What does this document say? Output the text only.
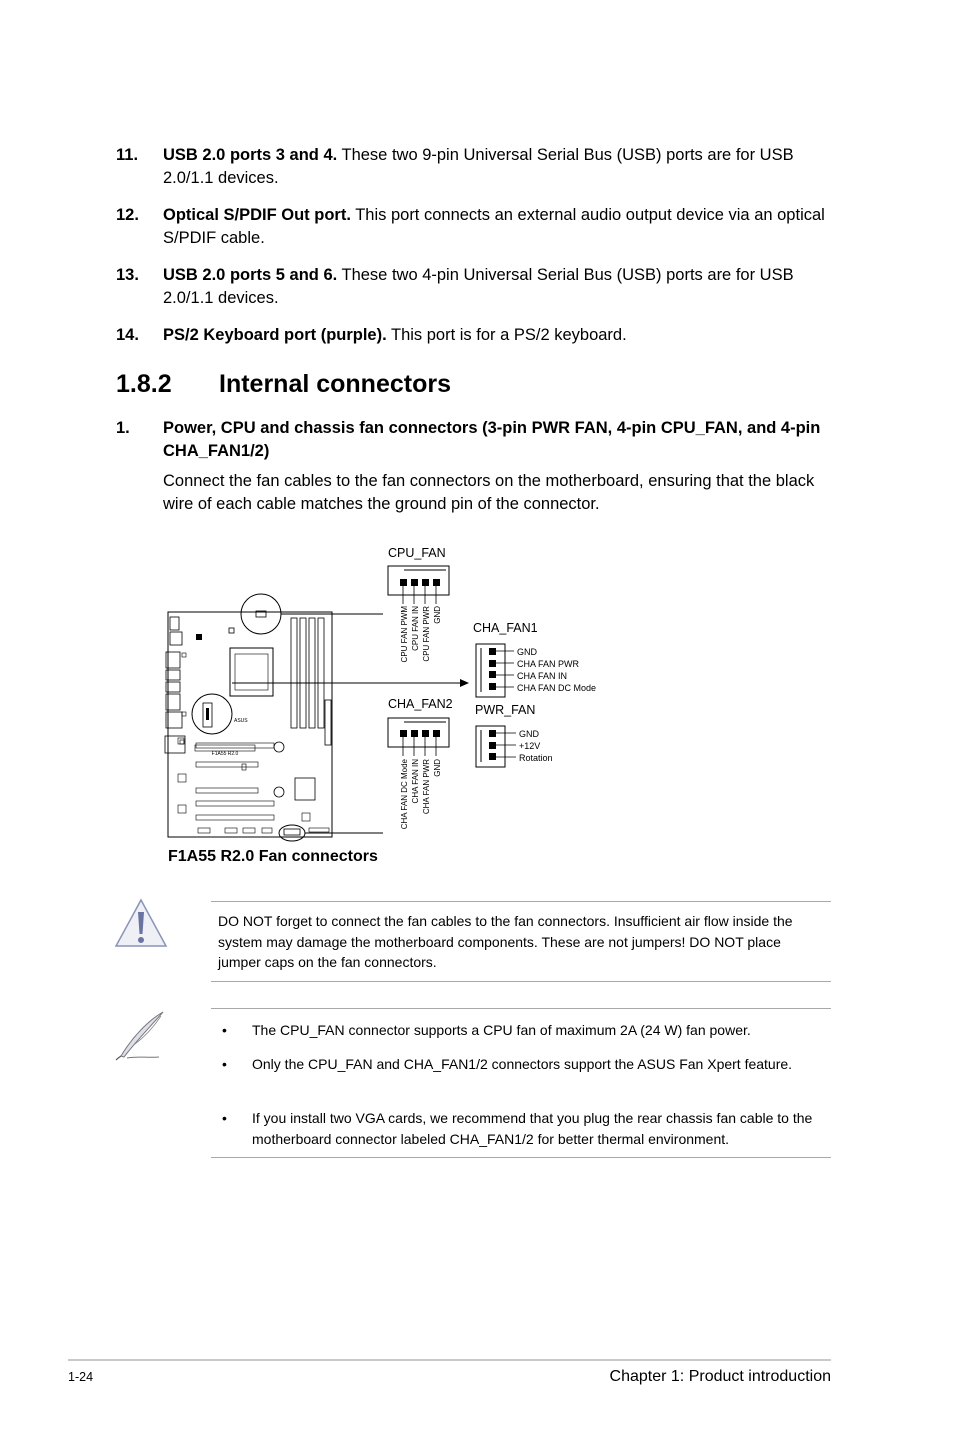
11. USB 2.0 ports 3 and 4. These two 9-pin Universal Serial Bus (USB) ports are for USB 2.0/1.1 devices.
12. Optical S/PDIF Out port. This port connects an external audio output device via an optical S/PDIF cable.
13. USB 2.0 ports 5 and 6. These two 4-pin Universal Serial Bus (USB) ports are for USB 2.0/1.1 devices.
14. PS/2 Keyboard port (purple). This port is for a PS/2 keyboard.
1.8.2 Internal connectors
1. Power, CPU and chassis fan connectors (3-pin PWR FAN, 4-pin CPU_FAN, and 4-pin CHA_FAN1/2)
Connect the fan cables to the fan connectors on the motherboard, ensuring that the black wire of each cable matches the ground pin of the connector.
F1A55 R2.0
ASUS
CPU_FAN
CPU FAN PWM CPU FAN IN CPU FAN PWR GND
CHA_FAN2
CHA FAN DC Mode CHA FAN IN CHA FAN PWR GND
CHA_FAN1
GND
CHA FAN PWR
CHA FAN IN
CHA FAN DC Mode
PWR_FAN
GND
+12V
Rotation
F1A55 R2.0 Fan connectors
DO NOT forget to connect the fan cables to the fan connectors. Insufficient air flow inside the system may damage the motherboard components. These are not jumpers! DO NOT place jumper caps on the fan connectors.
• The CPU_FAN connector supports a CPU fan of maximum 2A (24 W) fan power.
• Only the CPU_FAN and CHA_FAN1/2 connectors support the ASUS Fan Xpert feature.
• If you install two VGA cards, we recommend that you plug the rear chassis fan cable to the motherboard connector labeled CHA_FAN1/2 for better thermal environment.
1-24	Chapter 1: Product introduction
